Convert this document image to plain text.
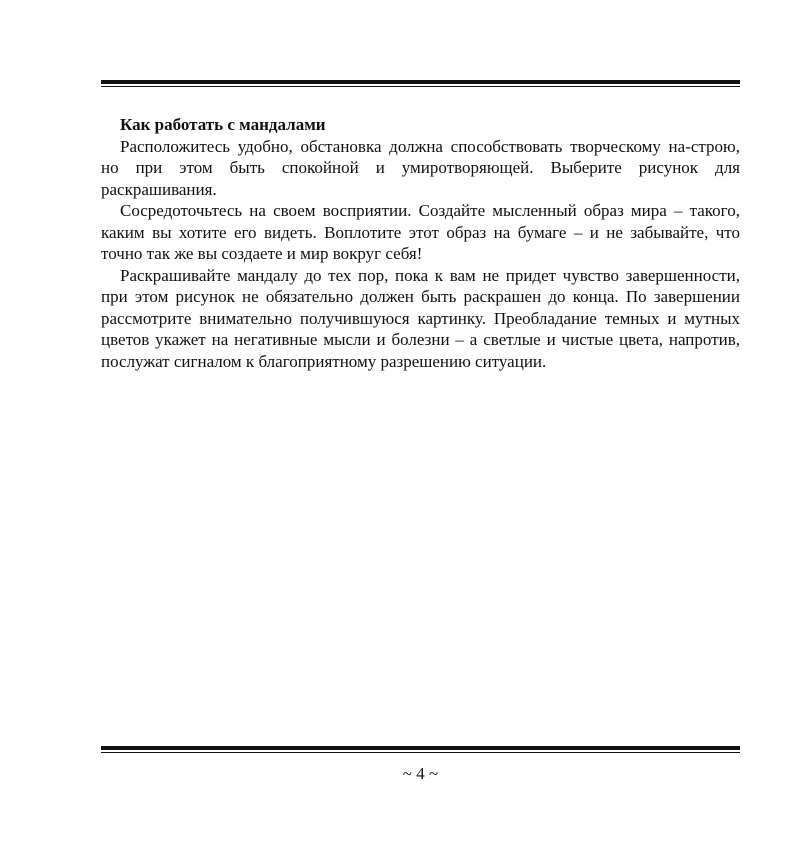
Как работать с мандалами

Расположитесь удобно, обстановка должна способствовать творческому на-строю, но при этом быть спокойной и умиротворяющей. Выберите рисунок для раскрашивания.

Сосредоточьтесь на своем восприятии. Создайте мысленный образ мира – такого, каким вы хотите его видеть. Воплотите этот образ на бумаге – и не забывайте, что точно так же вы создаете и мир вокруг себя!

Раскрашивайте мандалу до тех пор, пока к вам не придет чувство завершенности, при этом рисунок не обязательно должен быть раскрашен до конца. По завершении рассмотрите внимательно получившуюся картинку. Преобладание темных и мутных цветов укажет на негативные мысли и болезни – а светлые и чистые цвета, напротив, послужат сигналом к благоприятному разрешению ситуации.

~ 4 ~
